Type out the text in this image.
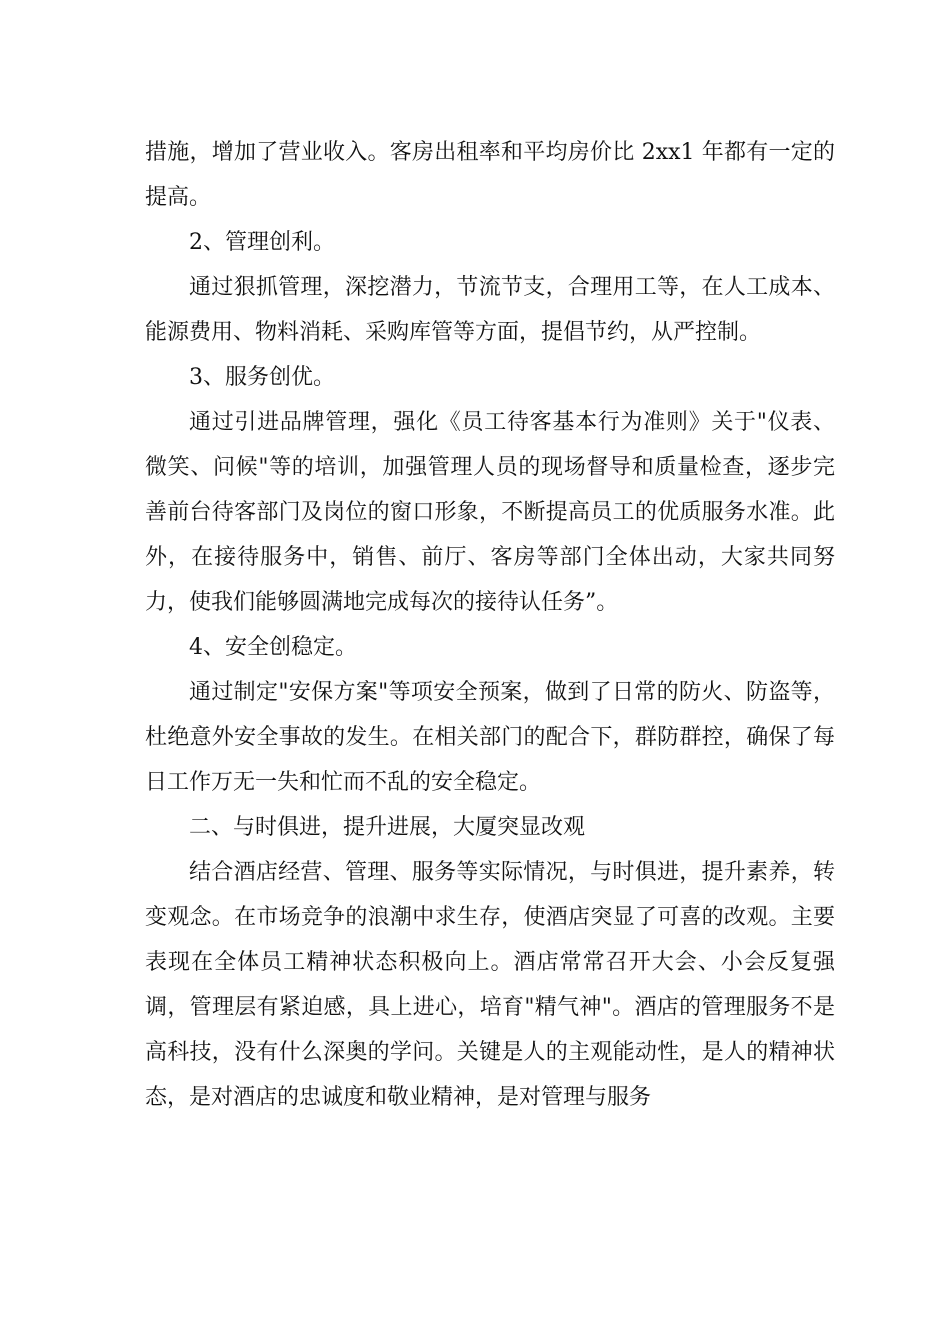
措施，增加了营业收入。客房出租率和平均房价比 2xx1 年都有一定的提高。

2、管理创利。

通过狠抓管理，深挖潜力，节流节支，合理用工等，在人工成本、能源费用、物料消耗、采购库管等方面，提倡节约，从严控制。

3、服务创优。

通过引进品牌管理，强化《员工待客基本行为准则》关于"仪表、微笑、问候"等的培训，加强管理人员的现场督导和质量检查，逐步完善前台待客部门及岗位的窗口形象，不断提高员工的优质服务水准。此外，在接待服务中，销售、前厅、客房等部门全体出动，大家共同努力，使我们能够圆满地完成每次的接待认任务”。

4、安全创稳定。

通过制定"安保方案"等项安全预案，做到了日常的防火、防盗等，杜绝意外安全事故的发生。在相关部门的配合下，群防群控，确保了每日工作万无一失和忙而不乱的安全稳定。

二、与时俱进，提升进展，大厦突显改观

结合酒店经营、管理、服务等实际情况，与时俱进，提升素养，转变观念。在市场竞争的浪潮中求生存，使酒店突显了可喜的改观。主要表现在全体员工精神状态积极向上。酒店常常召开大会、小会反复强调，管理层有紧迫感，具上进心，培育"精气神"。酒店的管理服务不是高科技，没有什么深奥的学问。关键是人的主观能动性，是人的精神状态，是对酒店的忠诚度和敬业精神，是对管理与服务
